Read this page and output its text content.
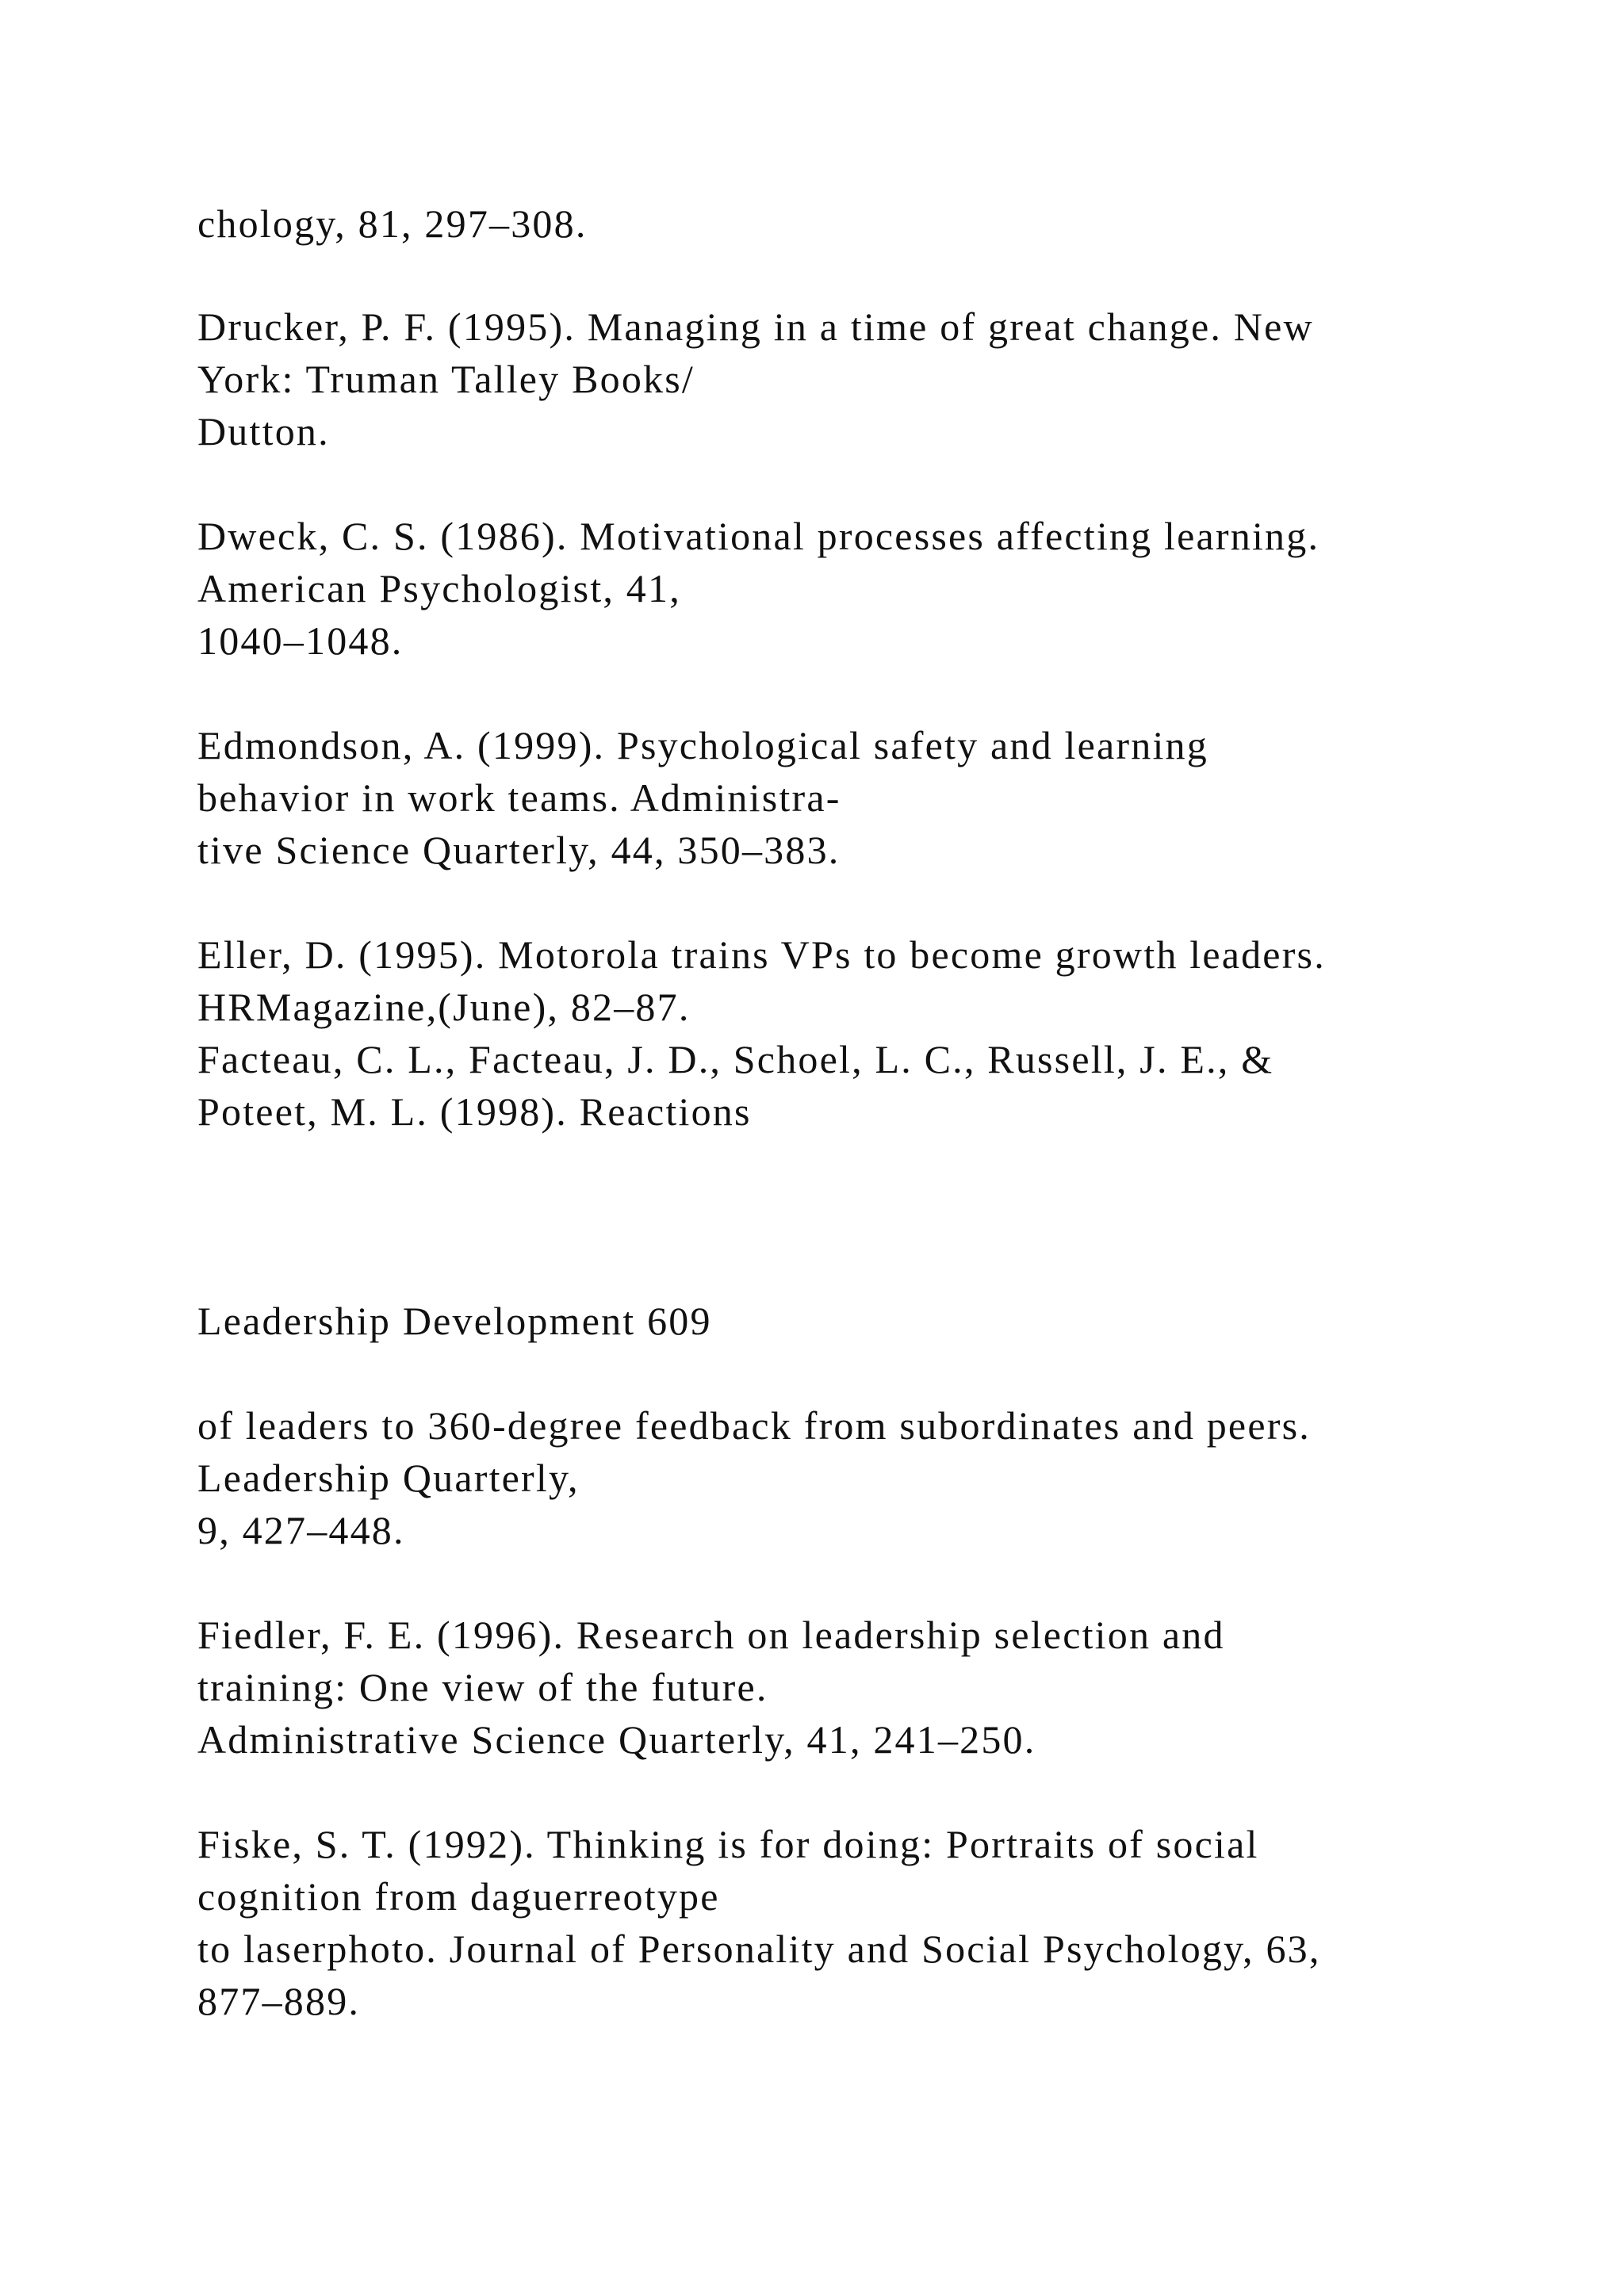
chology, 81, 297–308.

Drucker, P. F. (1995). Managing in a time of great change. New

York: Truman Talley Books/

Dutton.

Dweck, C. S. (1986). Motivational processes affecting learning.

American Psychologist, 41,

1040–1048.

Edmondson, A. (1999). Psychological safety and learning

behavior in work teams. Administra-

tive Science Quarterly, 44, 350–383.

Eller, D. (1995). Motorola trains VPs to become growth leaders.

HRMagazine,(June), 82–87.

Facteau, C. L., Facteau, J. D., Schoel, L. C., Russell, J. E., &

Poteet, M. L. (1998). Reactions

Leadership Development 609

of leaders to 360-degree feedback from subordinates and peers.

Leadership Quarterly,

9, 427–448.

Fiedler, F. E. (1996). Research on leadership selection and

training: One view of the future.

Administrative Science Quarterly, 41, 241–250.

Fiske, S. T. (1992). Thinking is for doing: Portraits of social

cognition from daguerreotype

to laserphoto. Journal of Personality and Social Psychology, 63,

877–889.
